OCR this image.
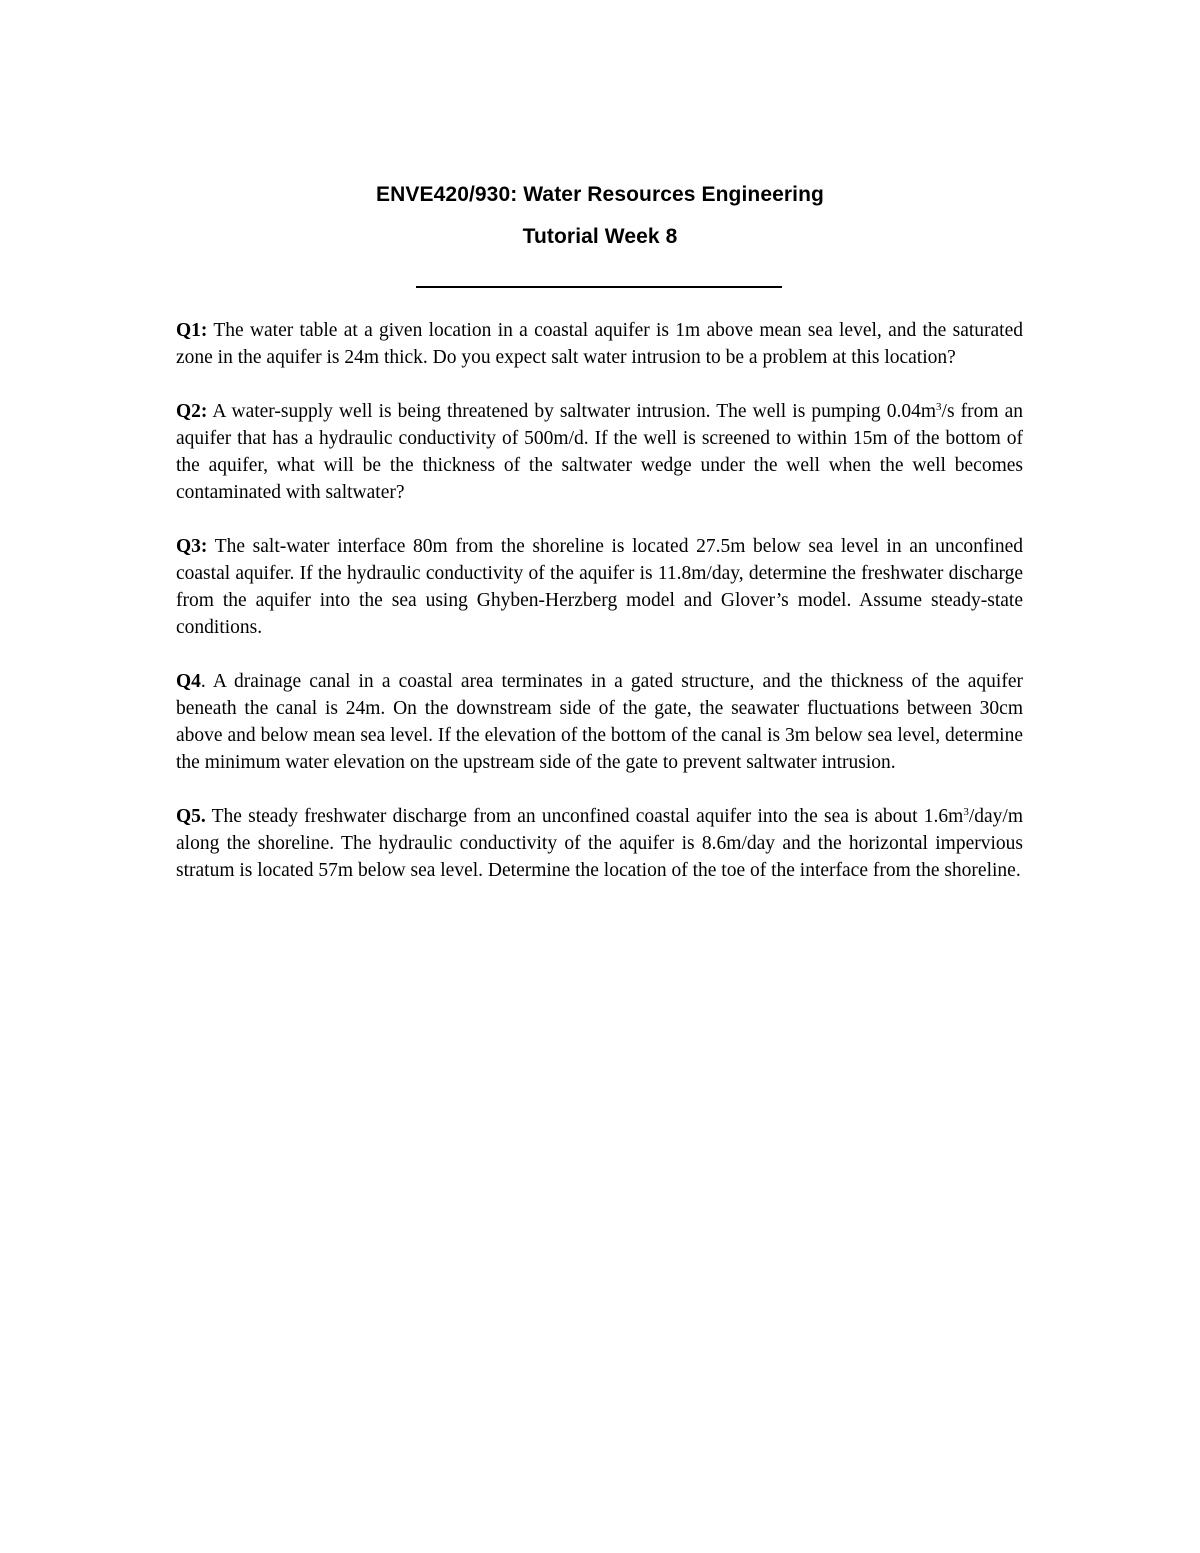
ENVE420/930: Water Resources Engineering
Tutorial Week 8

Q1: The water table at a given location in a coastal aquifer is 1m above mean sea level, and the saturated zone in the aquifer is 24m thick. Do you expect salt water intrusion to be a problem at this location?

Q2: A water-supply well is being threatened by saltwater intrusion. The well is pumping $0.04m^3/s$ from an aquifer that has a hydraulic conductivity of 500m/d. If the well is screened to within 15m of the bottom of the aquifer, what will be the thickness of the saltwater wedge under the well when the well becomes contaminated with saltwater?

Q3: The salt-water interface 80m from the shoreline is located 27.5m below sea level in an unconfined coastal aquifer. If the hydraulic conductivity of the aquifer is 11.8m/day, determine the freshwater discharge from the aquifer into the sea using Ghyben-Herzberg model and Glover’s model. Assume steady-state conditions.

Q4. A drainage canal in a coastal area terminates in a gated structure, and the thickness of the aquifer beneath the canal is 24m. On the downstream side of the gate, the seawater fluctuations between 30cm above and below mean sea level. If the elevation of the bottom of the canal is 3m below sea level, determine the minimum water elevation on the upstream side of the gate to prevent saltwater intrusion.

Q5. The steady freshwater discharge from an unconfined coastal aquifer into the sea is about $1.6m^3/day/m$ along the shoreline. The hydraulic conductivity of the aquifer is 8.6m/day and the horizontal impervious stratum is located 57m below sea level. Determine the location of the toe of the interface from the shoreline.
